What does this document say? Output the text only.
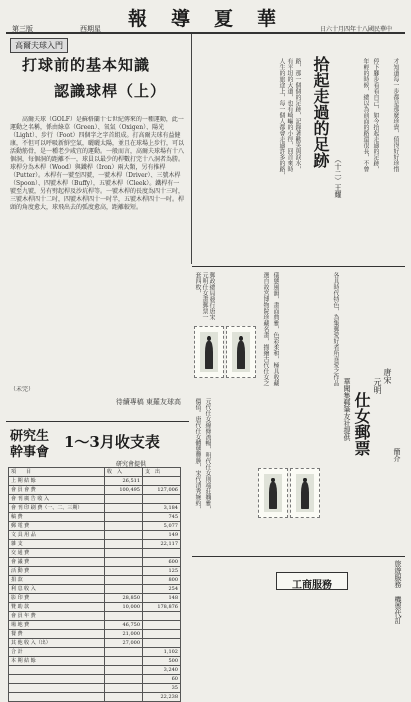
第三版	西期星 報 導 夏 華	日六十月四年十八國民華中
高爾夫球入門
打球前的基本知識
認識球桿（上）
高爾夫球（GOLF）是蘇格蘭十七世紀傳來的一種運動，此一運動之名稱，係由綠草（Green）、氧氣（Oxigen）、陽光（Light）、步行（Foot）四個字之字首組成。打高爾夫球有益健康，不但可以呼吸新鮮空氣，曬曬太陽，並且在球場上步行，可以活動筋骨，是一種老少咸宜的運動。一般而言，高爾夫球場有十八個洞，每個洞的距離不一，球員以最少的桿數打完十八洞者為勝。球桿分為木桿（Wood）與鐵桿（Iron）兩大類，另有推桿（Putter）。木桿有一號至四號，一號木桿（Driver）、三號木桿（Spoon）、四號木桿（Buffy），五號木桿（Cleek）。鐵桿有一號至九號，另有劈起桿及沙坑桿等。一號木桿的長度為四十三吋，三號木桿四十二吋，四號木桿四十一吋半，五號木桿四十一吋。桿頭的角度愈大，球飛出去的弧度愈高，距離較短。
（未完）
待續專稿 東羅友球高
人生的旅途上，每一個人都會走過許多的路， 有平坦的大道，也有崎嶇的小徑，回首來時 路，那一個個的足跡，記錄著歡笑與淚水， 拾起走過的足跡
（十二）王耀
年輕的時候，總以為前面的路還很長，不曾 停下腳步看看自己，如今拾起走過的足跡， 才知道每一步都是那麼珍貴，值得好好珍惜
郵政總局發行唐宋元明仕女畫郵票一套四枚，	選自故宮博物院珍藏名畫，描繪古代仕女之 儀態風韻，畫面典雅，色彩柔和，極具收藏
價值。唐代仕女體態豐腴，宋代清秀婉約， 元代仕女線條流暢，明代仕女則端莊嫻雅，
各具時代特色，為集郵愛好者所喜愛之作品	唐宋
元明
仕女郵票	簡介
華聞集郵筆友社提供
研究生
幹事會
1～3月收支表
研究會提供
項　　目	收　入	支　出
上 期 結 餘	26,511	
會 員 會 費	100,495	127,006
會 刊 廣 告 收 入		
會 刊 印 刷 費（一、二、三期）		3,184
稿 費		745
郵 電 費		5,077
文 具 用 品		149
雜 支		22,117
交 通 費		
會 議 費		600
活 動 費		125
捐 款		800
利 息 收 入		254
影 印 費	28,850	148
贊 助 款	10,000	178,876
會 員 年 費		
場 地 費	46,750	
餐 費	21,000	
其 他 收 入（出）	27,000	
合 計		1,102
本 期 結 餘		500
		3,240
		60
		35
		22,238
工商服務	旅遊服務 機票代訂
